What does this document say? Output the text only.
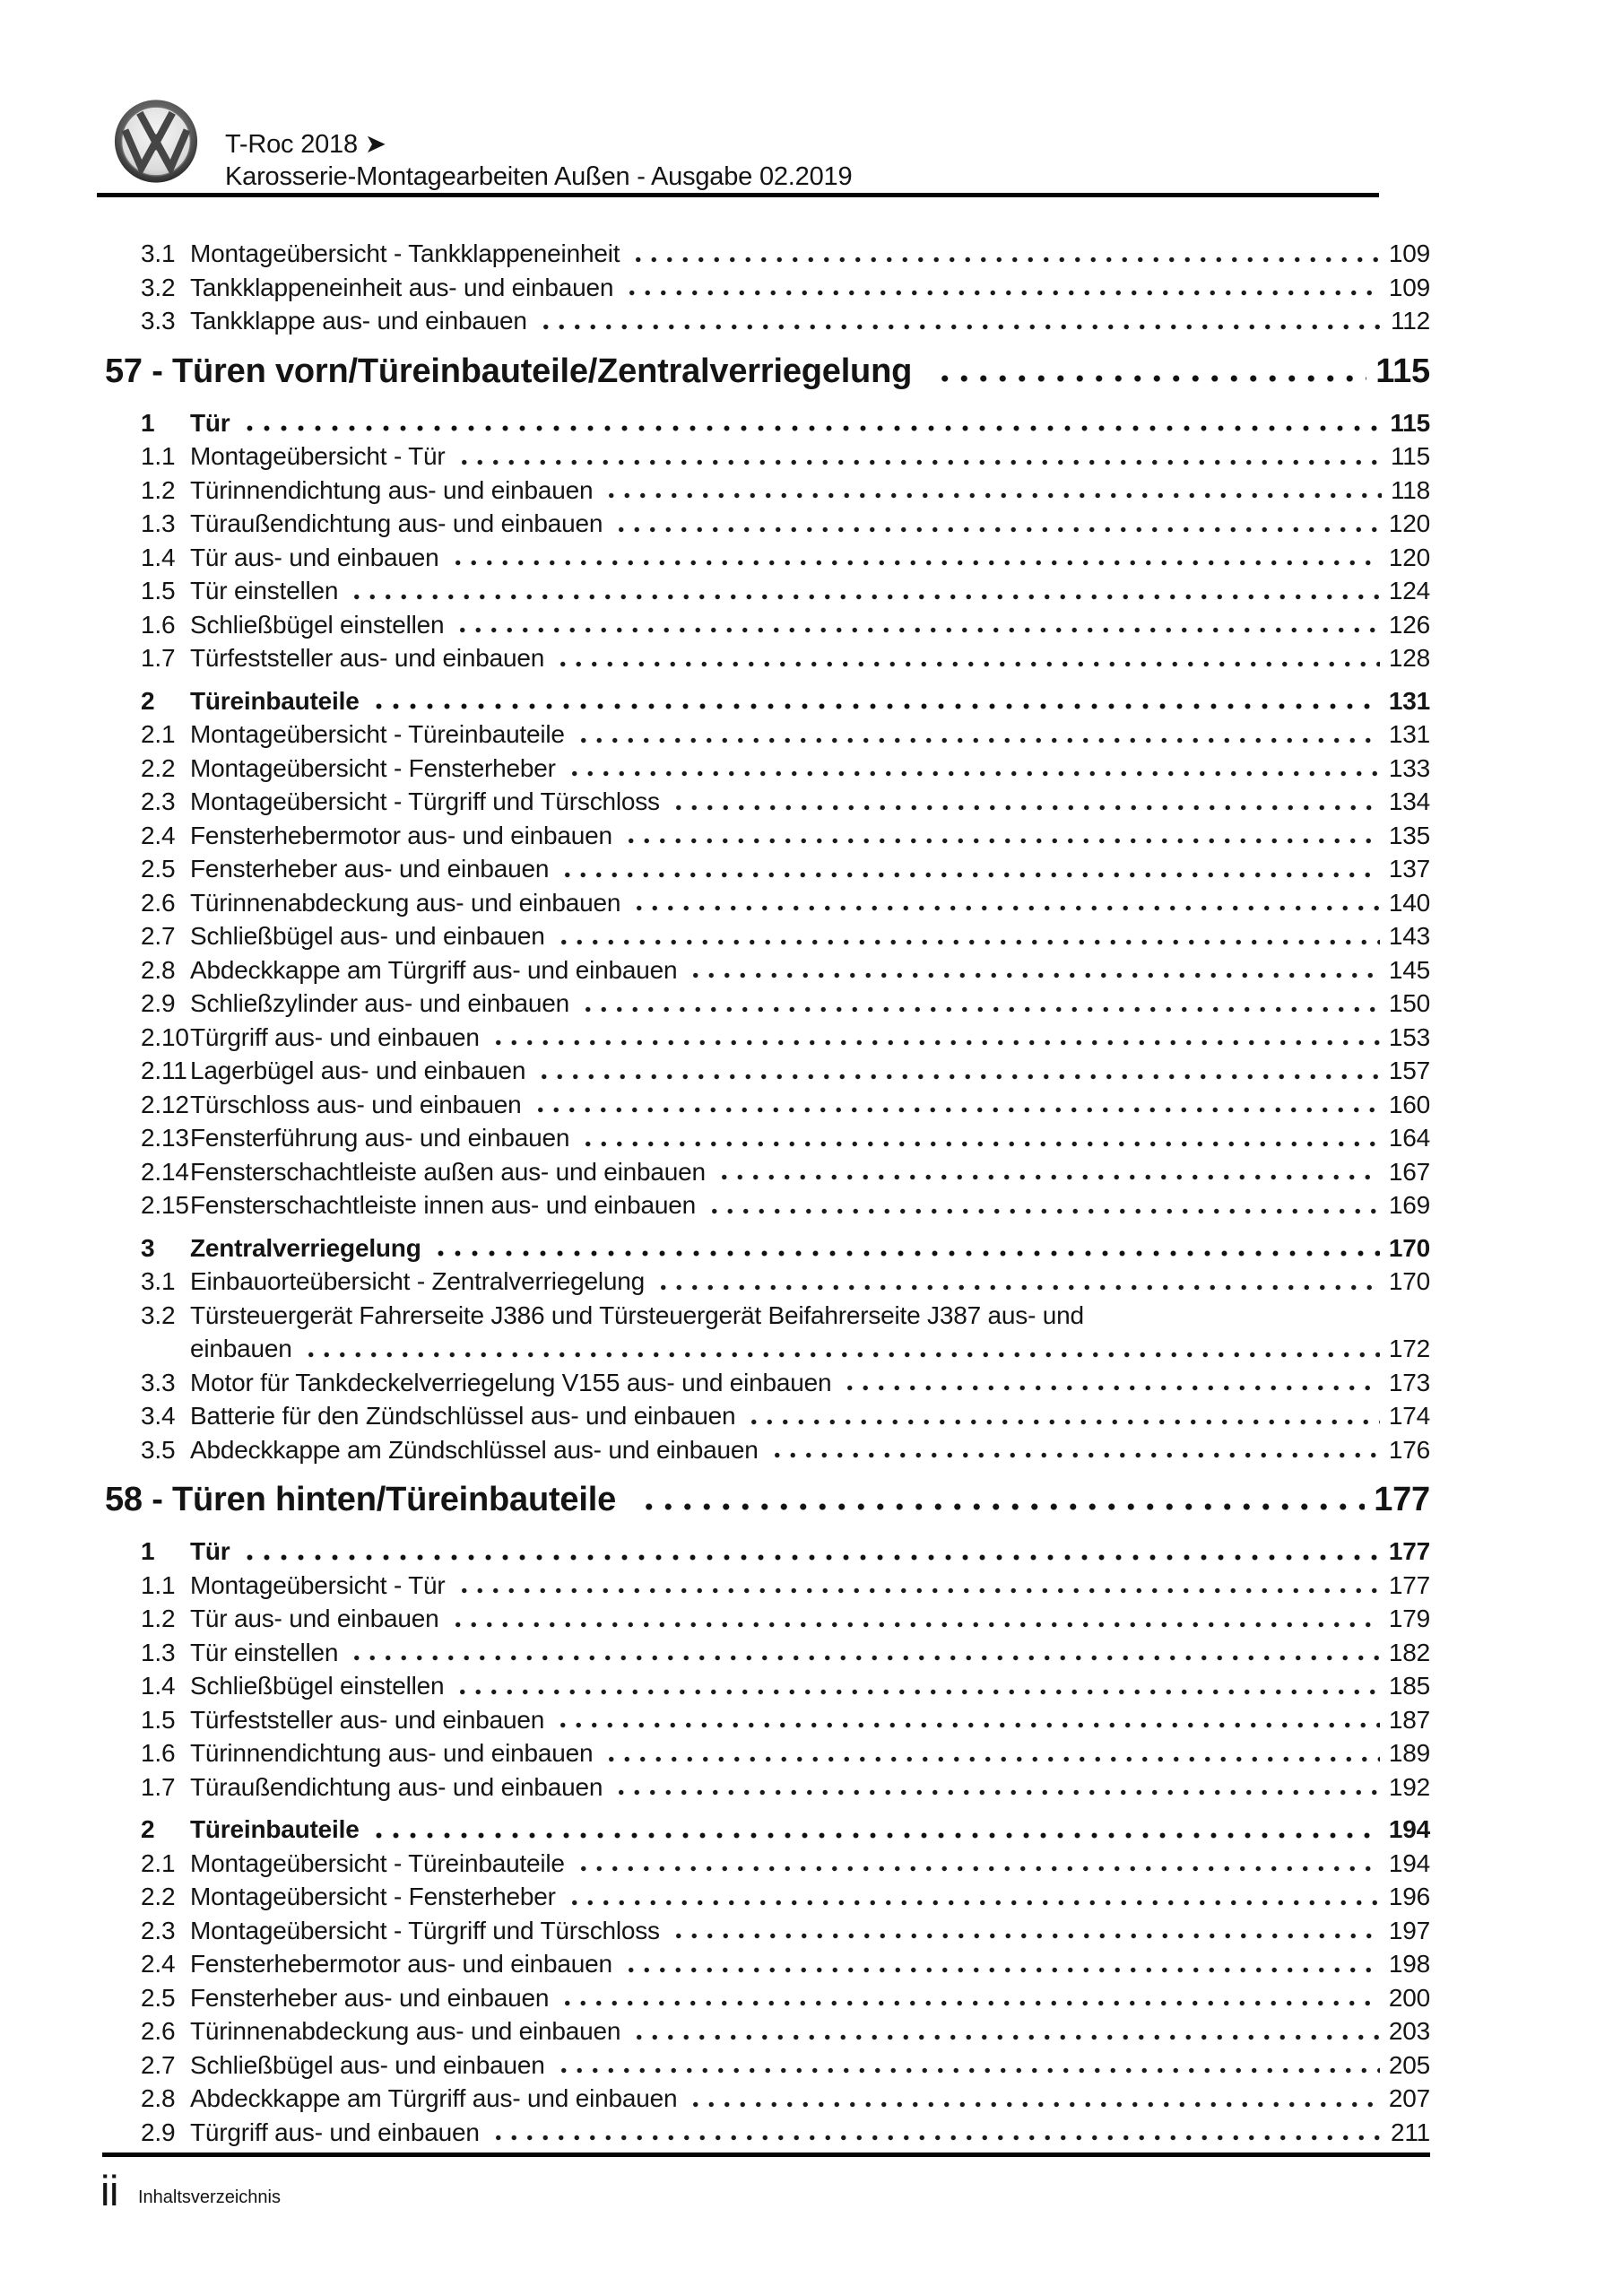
T-Roc 2018 ➤
Karosserie-Montagearbeiten Außen - Ausgabe 02.2019
3.1 Montageübersicht - Tankklappeneinheit	109
3.2 Tankklappeneinheit aus- und einbauen	109
3.3 Tankklappe aus- und einbauen	112
57 - Türen vorn/Türeinbauteile/Zentralverriegelung	115
1	Tür	115
1.1 Montageübersicht - Tür	115
1.2 Türinnendichtung aus- und einbauen	118
1.3 Türaußendichtung aus- und einbauen	120
1.4 Tür aus- und einbauen	120
1.5 Tür einstellen	124
1.6 Schließbügel einstellen	126
1.7 Türfeststeller aus- und einbauen	128
2	Türeinbauteile	131
2.1 Montageübersicht - Türeinbauteile	131
2.2 Montageübersicht - Fensterheber	133
2.3 Montageübersicht - Türgriff und Türschloss	134
2.4 Fensterhebermotor aus- und einbauen	135
2.5 Fensterheber aus- und einbauen	137
2.6 Türinnenabdeckung aus- und einbauen	140
2.7 Schließbügel aus- und einbauen	143
2.8 Abdeckkappe am Türgriff aus- und einbauen	145
2.9 Schließzylinder aus- und einbauen	150
2.10 Türgriff aus- und einbauen	153
2.11 Lagerbügel aus- und einbauen	157
2.12 Türschloss aus- und einbauen	160
2.13 Fensterführung aus- und einbauen	164
2.14 Fensterschachtleiste außen aus- und einbauen	167
2.15 Fensterschachtleiste innen aus- und einbauen	169
3	Zentralverriegelung	170
3.1 Einbauorteübersicht - Zentralverriegelung	170
3.2 Türsteuergerät Fahrerseite J386 und Türsteuergerät Beifahrerseite J387 aus- und
einbauen	172
3.3 Motor für Tankdeckelverriegelung V155 aus- und einbauen	173
3.4 Batterie für den Zündschlüssel aus- und einbauen	174
3.5 Abdeckkappe am Zündschlüssel aus- und einbauen	176
58 - Türen hinten/Türeinbauteile	177
1	Tür	177
1.1 Montageübersicht - Tür	177
1.2 Tür aus- und einbauen	179
1.3 Tür einstellen	182
1.4 Schließbügel einstellen	185
1.5 Türfeststeller aus- und einbauen	187
1.6 Türinnendichtung aus- und einbauen	189
1.7 Türaußendichtung aus- und einbauen	192
2	Türeinbauteile	194
2.1 Montageübersicht - Türeinbauteile	194
2.2 Montageübersicht - Fensterheber	196
2.3 Montageübersicht - Türgriff und Türschloss	197
2.4 Fensterhebermotor aus- und einbauen	198
2.5 Fensterheber aus- und einbauen	200
2.6 Türinnenabdeckung aus- und einbauen	203
2.7 Schließbügel aus- und einbauen	205
2.8 Abdeckkappe am Türgriff aus- und einbauen	207
2.9 Türgriff aus- und einbauen	211
ii Inhaltsverzeichnis
